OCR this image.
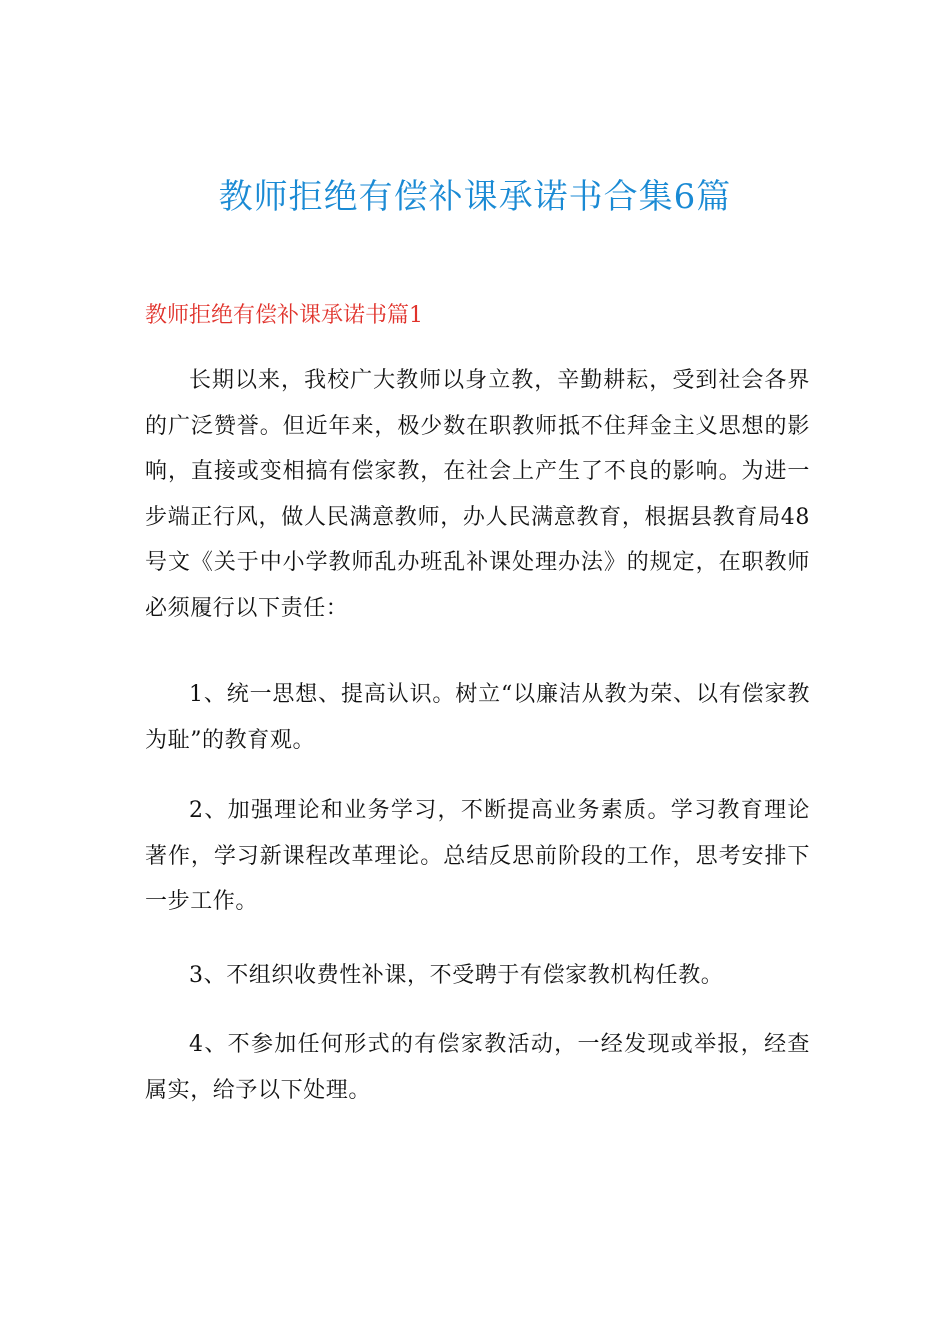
教师拒绝有偿补课承诺书合集6篇
教师拒绝有偿补课承诺书篇1

长期以来，我校广大教师以身立教，辛勤耕耘，受到社会各界的广泛赞誉。但近年来，极少数在职教师抵不住拜金主义思想的影响，直接或变相搞有偿家教，在社会上产生了不良的影响。为进一步端正行风，做人民满意教师，办人民满意教育，根据县教育局48号文《关于中小学教师乱办班乱补课处理办法》的规定，在职教师必须履行以下责任：

1、统一思想、提高认识。树立“以廉洁从教为荣、以有偿家教为耻”的教育观。

2、加强理论和业务学习，不断提高业务素质。学习教育理论著作，学习新课程改革理论。总结反思前阶段的工作，思考安排下一步工作。

3、不组织收费性补课，不受聘于有偿家教机构任教。

4、不参加任何形式的有偿家教活动，一经发现或举报，经查属实，给予以下处理。
